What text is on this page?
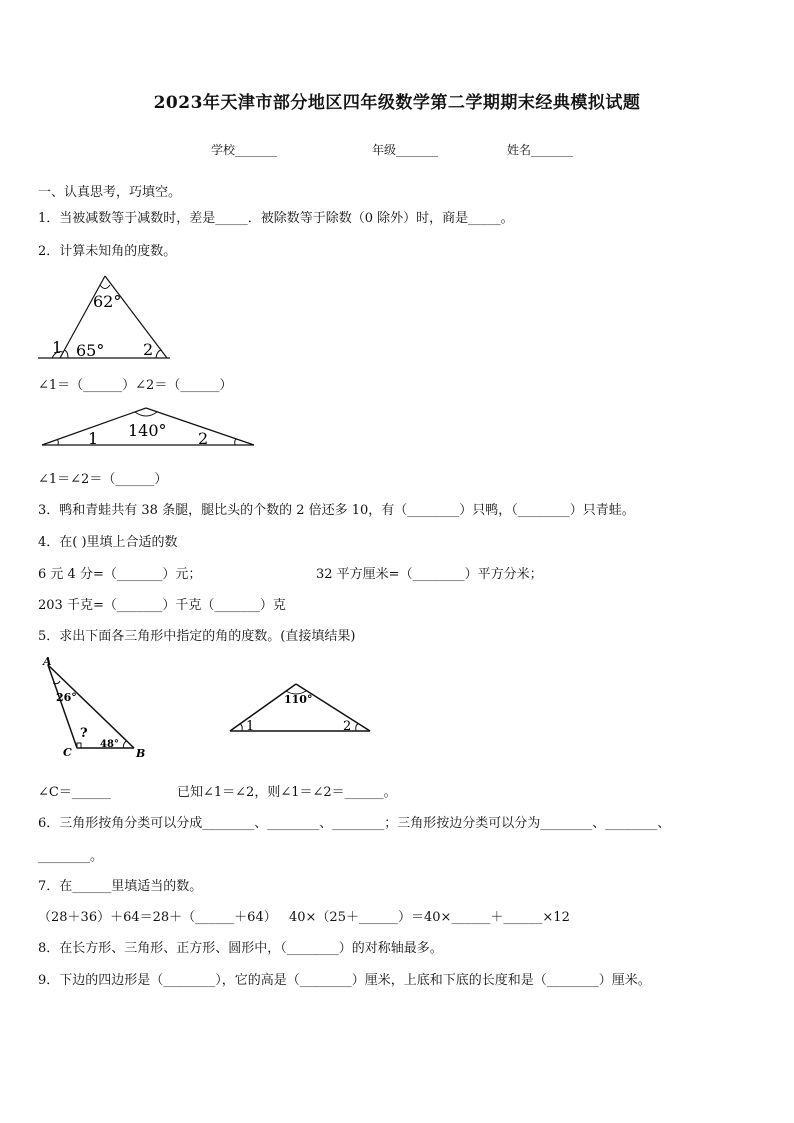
2023年天津市部分地区四年级数学第二学期期末经典模拟试题
学校_______	年级_______	姓名_______
一、认真思考，巧填空。
1．当被减数等于减数时，差是_____．被除数等于除数（0 除外）时，商是_____。
2．计算未知角的度数。
62°
65°
1	2
∠1＝（______）∠2＝（______）
140°
1	2
∠1＝∠2＝（______）
3．鸭和青蛙共有 38 条腿，腿比头的个数的 2 倍还多 10，有（________）只鸭，（________）只青蛙。
4．在( )里填上合适的数
6 元 4 分=（_______）元；	32 平方厘米=（________）平方分米；
203 千克=（_______）千克（_______）克
5．求出下面各三角形中指定的角的度数。(直接填结果)
A
C	B
26°
48°
?
110°
1	2
∠C＝______	已知∠1＝∠2，则∠1＝∠2＝______。
6．三角形按角分类可以分成________、________、________；三角形按边分类可以分为________、________、
________。
7．在______里填适当的数。
（28＋36）＋64＝28＋（______＋64） 40×（25＋______）＝40×______＋______×12
8．在长方形、三角形、正方形、圆形中，（________）的对称轴最多。
9．下边的四边形是（________），它的高是（________）厘米，上底和下底的长度和是（________）厘米。
